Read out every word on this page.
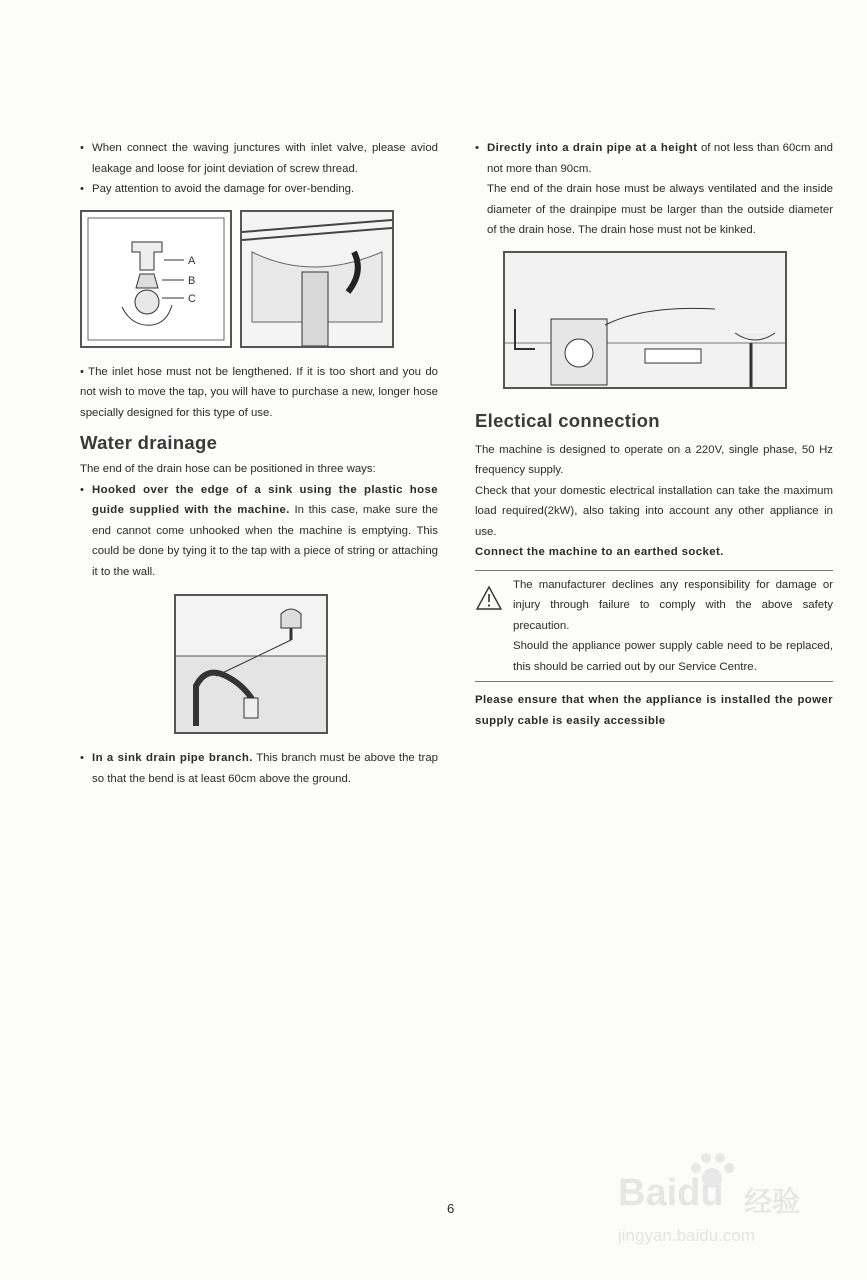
• When connect the waving junctures with inlet valve, please aviod leakage and loose for joint deviation of screw thread.
• Pay attention to avoid the damage for over-bending.
A
B
C

• The inlet hose must not be lengthened. If it is too short and you do not wish to move the tap, you will have to purchase a new, longer hose specially designed for this type of use.

Water drainage

The end of the drain hose can be positioned in three ways:

• Hooked over the edge of a sink using the plastic hose guide supplied with the machine. In this case, make sure the end cannot come unhooked when the machine is emptying. This could be done by tying it to the tap with a piece of string or attaching it to the wall.
• In a sink drain pipe branch. This branch must be above the trap so that the bend is at least 60cm above the ground.
• Directly into a drain pipe at a height of not less than 60cm and not more than 90cm.

The end of the drain hose must be always ventilated and the inside diameter of the drainpipe must be larger than the outside diameter of the drain hose. The drain hose must not be kinked.

Electical connection

The machine is designed to operate on a 220V, single phase, 50 Hz frequency supply.

Check that your domestic electrical installation can take the maximum load required(2kW), also taking into account any other appliance in use.

Connect the machine to an earthed socket.

The manufacturer declines any responsibility for damage or injury through failure to comply with the above safety precaution.

Should the appliance power supply cable need to be replaced, this should be carried out by our Service Centre.

Please ensure that when the appliance is installed the power supply cable is easily accessible

6	Baidu 经验
jingyan.baidu.com
